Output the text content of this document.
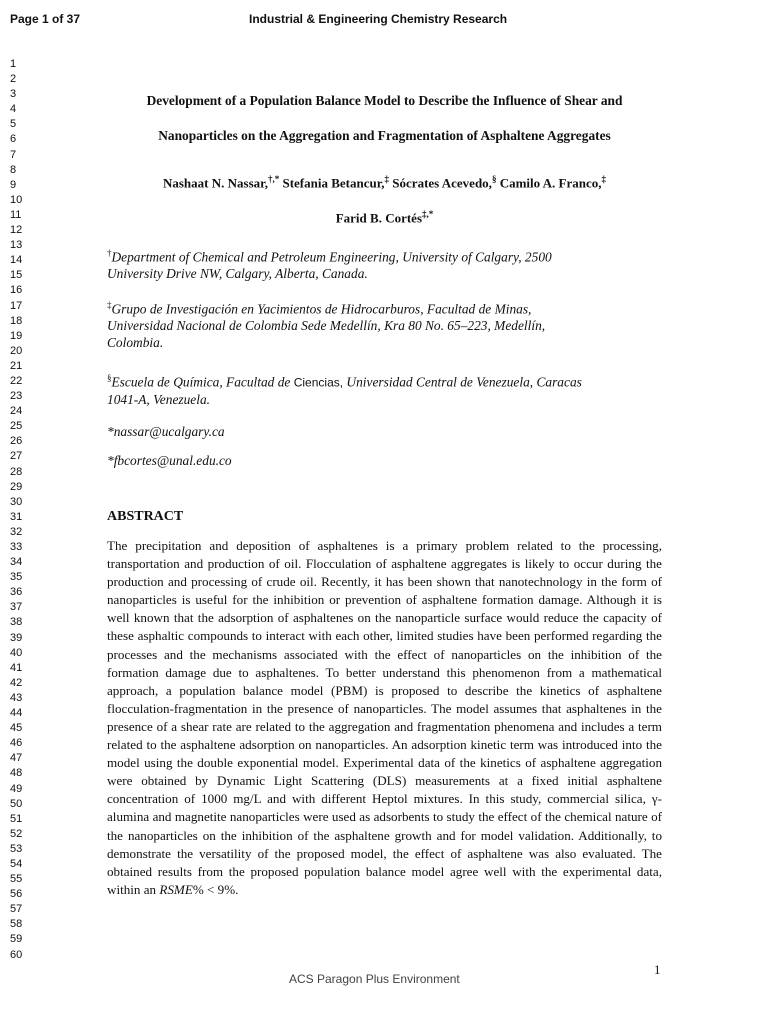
Page 1 of 37	Industrial & Engineering Chemistry Research
1
2
3
4
5
6
7
8
9
10
11
12
13
14
15
16
17
18
19
20
21
22
23
24
25
26
27
28
29
30
31
32
33
34
35
36
37
38
39
40
41
42
43
44
45
46
47
48
49
50
51
52
53
54
55
56
57
58
59
60
Development of a Population Balance Model to Describe the Influence of Shear and
Nanoparticles on the Aggregation and Fragmentation of Asphaltene Aggregates
Nashaat N. Nassar,†,* Stefania Betancur,‡ Sócrates Acevedo,§ Camilo A. Franco,‡
Farid B. Cortés‡,*
†Department of Chemical and Petroleum Engineering, University of Calgary, 2500
University Drive NW, Calgary, Alberta, Canada.
‡Grupo de Investigación en Yacimientos de Hidrocarburos, Facultad de Minas,
Universidad Nacional de Colombia Sede Medellín, Kra 80 No. 65–223, Medellín,
Colombia.
§Escuela de Química, Facultad de Ciencias, Universidad Central de Venezuela, Caracas
1041-A, Venezuela.
*nassar@ucalgary.ca
*fbcortes@unal.edu.co
ABSTRACT
The precipitation and deposition of asphaltenes is a primary problem related to the processing, transportation and production of oil. Flocculation of asphaltene aggregates is likely to occur during the production and processing of crude oil. Recently, it has been shown that nanotechnology in the form of nanoparticles is useful for the inhibition or prevention of asphaltene formation damage. Although it is well known that the adsorption of asphaltenes on the nanoparticle surface would reduce the capacity of these asphaltic compounds to interact with each other, limited studies have been performed regarding the processes and the mechanisms associated with the effect of nanoparticles on the inhibition of the formation damage due to asphaltenes. To better understand this phenomenon from a mathematical approach, a population balance model (PBM) is proposed to describe the kinetics of asphaltene flocculation-fragmentation in the presence of nanoparticles. The model assumes that asphaltenes in the presence of a shear rate are related to the aggregation and fragmentation phenomena and includes a term related to the asphaltene adsorption on nanoparticles. An adsorption kinetic term was introduced into the model using the double exponential model. Experimental data of the kinetics of asphaltene aggregation were obtained by Dynamic Light Scattering (DLS) measurements at a fixed initial asphaltene concentration of 1000 mg/L and with different Heptol mixtures. In this study, commercial silica, γ-alumina and magnetite nanoparticles were used as adsorbents to study the effect of the chemical nature of the nanoparticles on the inhibition of the asphaltene growth and for model validation. Additionally, to demonstrate the versatility of the proposed model, the effect of asphaltene was also evaluated. The obtained results from the proposed population balance model agree well with the experimental data, within an RSME% < 9%.
ACS Paragon Plus Environment
1
